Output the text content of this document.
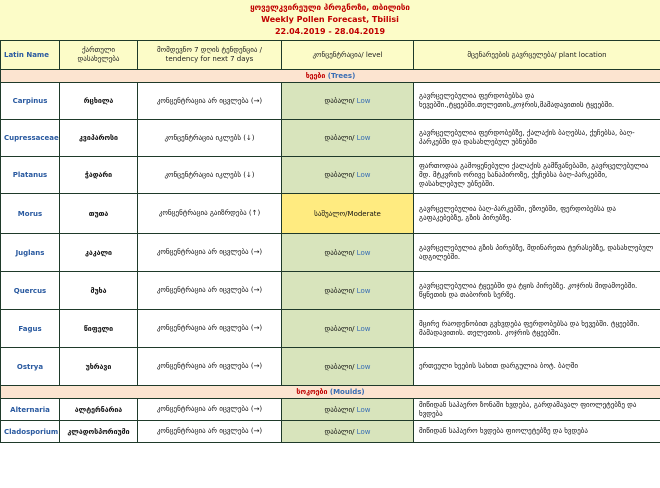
ყოველკვირეული პროგნოზი, თბილისი
Weekly Pollen Forecast, Tbilisi
22.04.2019 - 28.04.2019
Latin Name	ქართული დასახელება	მომდევნო 7 დღის ტენდენცია / tendency for next 7 days	კონცენტრაცია/ level	მცენარეების გავრცელება/ plant location
ხეები (Trees)				
Carpinus	რცხილა	კონცენტრაცია არ იცვლება (→)	დაბალი/ Low	გავრცელებულია ფერდობებსა და ხევებში.,ტყეებში.თელეთის,კოჯრის,მამადავითის ტყეებში.
Cupressaceae	კვიპაროსი	კონცენტრაცია იკლებს (↓)	დაბალი/ Low	გავრცელებულია ფერდობებზე, ქალაქის ბაღებსა, ქუჩებსა, ბაღ-პარკებში და დასახლებულ უბნებში
Platanus	ჭადარი	კონცენტრაცია იკლებს (↓)	დაბალი/ Low	ფართოდაა გამოყენებული ქალაქის გამწვანებაში, გავრცელებულია მდ. მტკვრის ორივე სანაპიროზე, ქუჩებსა ბაღ-პარკებში, დასახლებულ უბნებში.
Morus	თუთა	კონცენტრაცია გაიზრდება (↑)	საშუალო/Moderate	გავრცელებულია ბაღ-პარკებში, ეზოებში, ფერდობებსა და გაფაკებებზე, გზის პირებზე.
Juglans	კაკალი	კონცენტრაცია არ იცვლება (→)	დაბალი/ Low	გავრცელებულია გზის პირებზე, მდინარეთა ტერასებზე, დასახლებულ ადგილებში.
Quercus	მუხა	კონცენტრაცია არ იცვლება (→)	დაბალი/ Low	გავრცელებულია ტყეებში და ტყის პირებზე. კოჯრის მიდამოებში. წყნეთის და თაბორის სერზე.
Fagus	წიფელი	კონცენტრაცია არ იცვლება (→)	დაბალი/ Low	მცირე რაოდენობით გვხვდება ფერდობებსა და ხევებში. ტყეებში. მამადავითის. თელეთის. კოჯრის ტყეებში.
Ostrya	უხრავი	კონცენტრაცია არ იცვლება (→)	დაბალი/ Low	ერთეული ხეების სახით დარგულია ბოტ. ბაღში
სოკოები (Moulds)				
Alternaria	ალტერნარია	კონცენტრაცია არ იცვლება (→)	დაბალი/ Low	მიწიდან საჰაერო ზონაში ხვდება, გარდამავალ ფიოლეტებზე და ხვდება
Cladosporium	კლადოსპორიუმი	კონცენტრაცია არ იცვლება (→)	დაბალი/ Low	მიწიდან საჰაერო ხვდება ფიოლეტებზე და ხვდება
